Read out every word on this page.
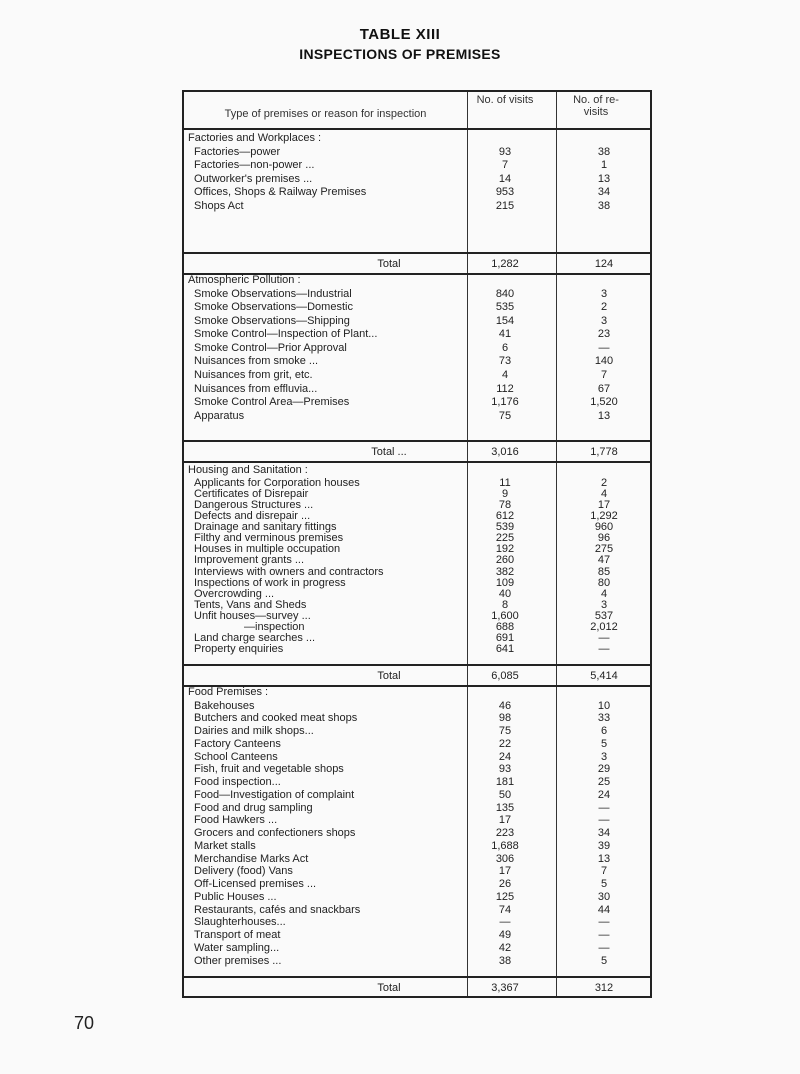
TABLE XIII
INSPECTIONS OF PREMISES
Type of premises or reason for inspection
No. of visits	No. of re-visits
Factories and Workplaces :
Factories—power	93	38
Factories—non-power ...	7	1
Outworker's premises ...	14	13
Offices, Shops & Railway Premises	953	34
Shops Act	215	38
Total	1,282	124
Atmospheric Pollution :
Smoke Observations—Industrial	840	3
Smoke Observations—Domestic	535	2
Smoke Observations—Shipping	154	3
Smoke Control—Inspection of Plant...	41	23
Smoke Control—Prior Approval	6	—
Nuisances from smoke ...	73	140
Nuisances from grit, etc.	4	7
Nuisances from effluvia...	112	67
Smoke Control Area—Premises	1,176	1,520
Apparatus	75	13
Total ...	3,016	1,778
Housing and Sanitation :
Applicants for Corporation houses	11	2
Certificates of Disrepair	9	4
Dangerous Structures ...	78	17
Defects and disrepair ...	612	1,292
Drainage and sanitary fittings	539	960
Filthy and verminous premises	225	96
Houses in multiple occupation	192	275
Improvement grants ...	260	47
Interviews with owners and contractors	382	85
Inspections of work in progress	109	80
Overcrowding ...	40	4
Tents, Vans and Sheds	8	3
Unfit houses—survey ...	1,600	537
—inspection	688	2,012
Land charge searches ...	691	—
Property enquiries	641	—
Total	6,085	5,414
Food Premises :
Bakehouses	46	10
Butchers and cooked meat shops	98	33
Dairies and milk shops...	75	6
Factory Canteens	22	5
School Canteens	24	3
Fish, fruit and vegetable shops	93	29
Food inspection...	181	25
Food—Investigation of complaint	50	24
Food and drug sampling	135	—
Food Hawkers ...	17	—
Grocers and confectioners shops	223	34
Market stalls	1,688	39
Merchandise Marks Act	306	13
Delivery (food) Vans	17	7
Off-Licensed premises ...	26	5
Public Houses ...	125	30
Restaurants, cafés and snackbars	74	44
Slaughterhouses...	—	—
Transport of meat	49	—
Water sampling...	42	—
Other premises ...	38	5
Total	3,367	312
70
